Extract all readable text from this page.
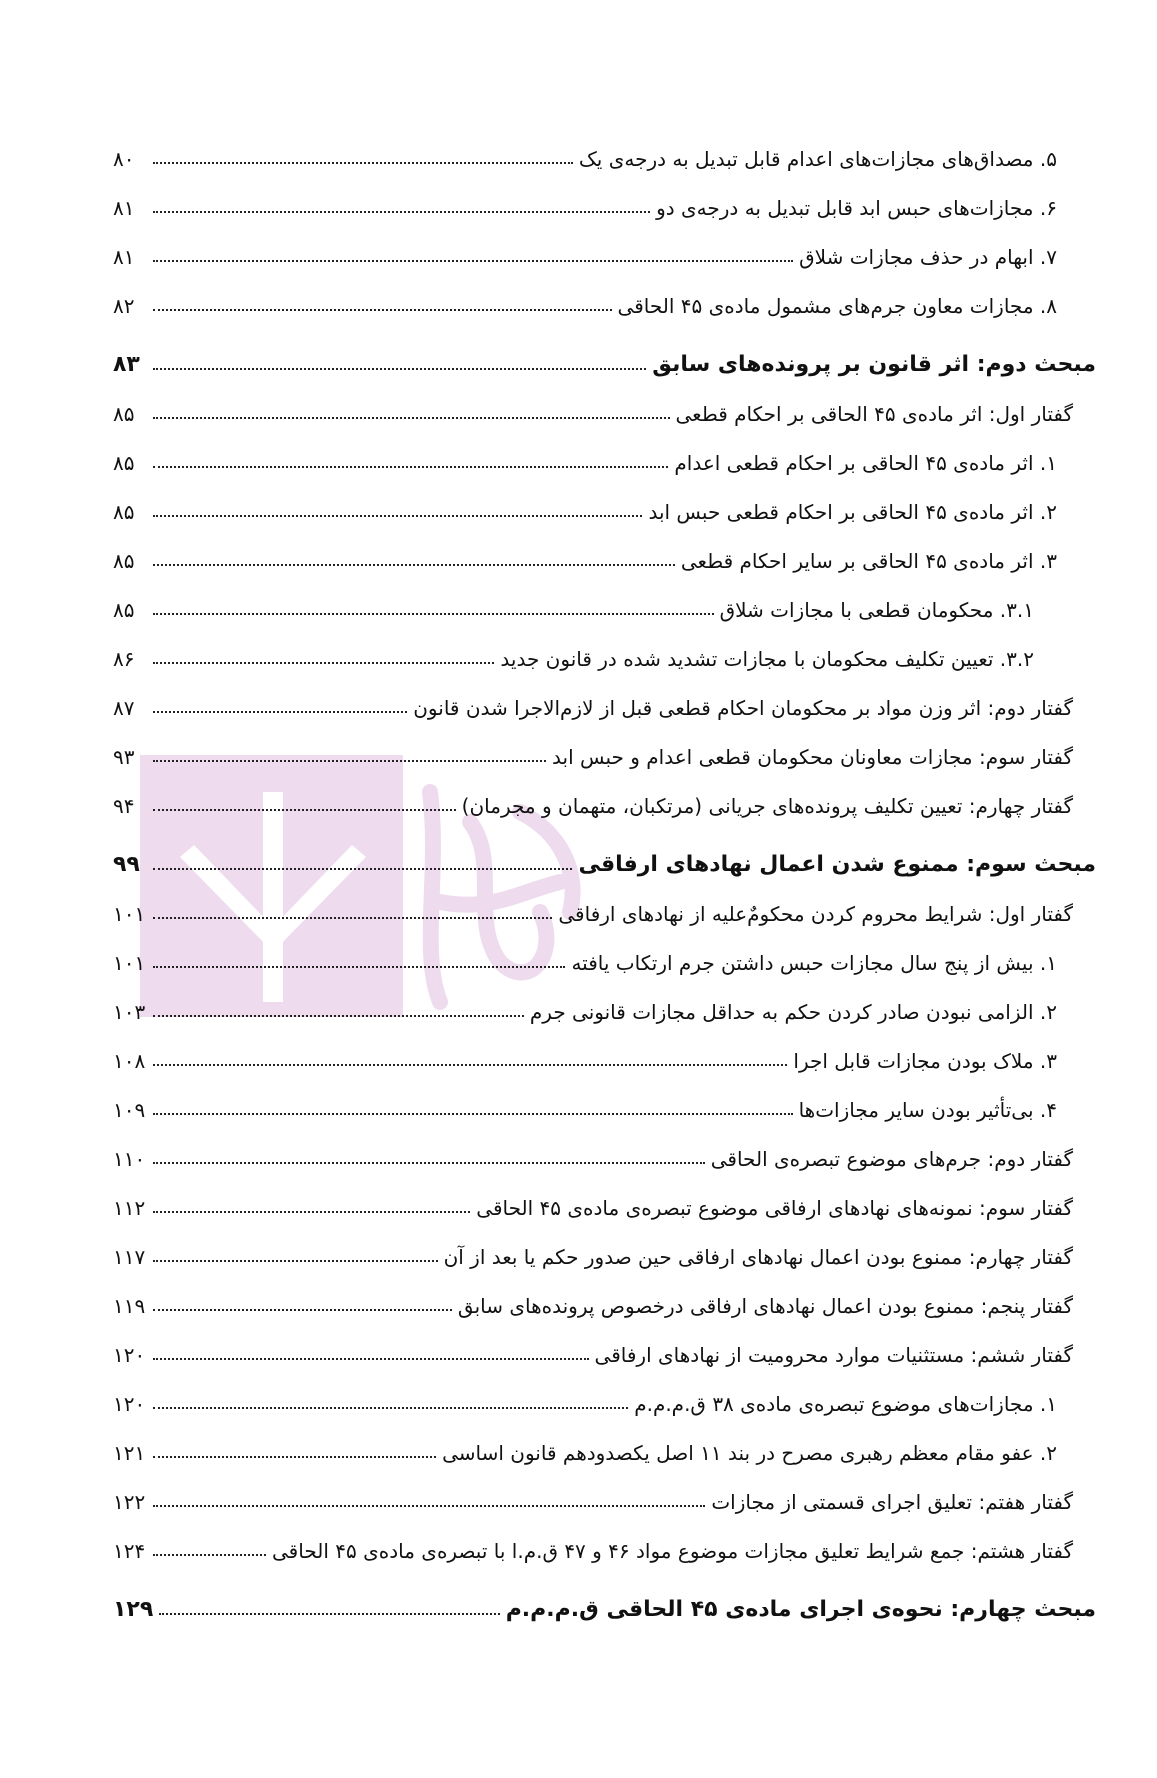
۵. مصداق‌های مجازات‌های اعدام قابل تبدیل به درجه‌ی یک
۸۰
۶. مجازات‌های حبس ابد قابل تبدیل به درجه‌ی دو
۸۱
۷. ابهام در حذف مجازات شلاق
۸۱
۸. مجازات معاون جرم‌های مشمول ماده‌ی ۴۵ الحاقی
۸۲
مبحث دوم: اثر قانون بر پرونده‌های سابق
۸۳
گفتار اول: اثر ماده‌ی ۴۵ الحاقی بر احکام قطعی
۸۵
۱. اثر ماده‌ی ۴۵ الحاقی بر احکام قطعی اعدام
۸۵
۲. اثر ماده‌ی ۴۵ الحاقی بر احکام قطعی حبس ابد
۸۵
۳. اثر ماده‌ی ۴۵ الحاقی بر سایر احکام قطعی
۸۵
۳.۱. محکومان قطعی با مجازات شلاق
۸۵
۳.۲. تعیین تکلیف محکومان با مجازات تشدید شده در قانون جدید
۸۶
گفتار دوم: اثر وزن مواد بر محکومان احکام قطعی قبل از لازم‌الاجرا شدن قانون
۸۷
گفتار سوم: مجازات معاونان محکومان قطعی اعدام و حبس ابد
۹۳
گفتار چهارم: تعیین تکلیف پرونده‌های جریانی (مرتکبان، متهمان و مجرمان)
۹۴
مبحث سوم: ممنوع شدن اعمال نهادهای ارفاقی
۹۹
گفتار اول: شرایط محروم کردن محکومٌ‌علیه از نهادهای ارفاقی
۱۰۱
۱. بیش از پنج سال مجازات حبس داشتن جرم ارتکاب یافته
۱۰۱
۲. الزامی نبودن صادر کردن حکم به حداقل مجازات قانونی جرم
۱۰۳
۳. ملاک بودن مجازات قابل اجرا
۱۰۸
۴. بی‌تأثیر بودن سایر مجازات‌ها
۱۰۹
گفتار دوم: جرم‌های موضوع تبصره‌ی الحاقی
۱۱۰
گفتار سوم: نمونه‌های نهادهای ارفاقی موضوع تبصره‌ی ماده‌ی ۴۵ الحاقی
۱۱۲
گفتار چهارم: ممنوع بودن اعمال نهادهای ارفاقی حین صدور حکم یا بعد از آن
۱۱۷
گفتار پنجم: ممنوع بودن اعمال نهادهای ارفاقی درخصوص پرونده‌های سابق
۱۱۹
گفتار ششم: مستثنیات موارد محرومیت از نهادهای ارفاقی
۱۲۰
۱. مجازات‌های موضوع تبصره‌ی ماده‌ی ۳۸ ق.م.م.م
۱۲۰
۲. عفو مقام معظم رهبری مصرح در بند ۱۱ اصل یکصدودهم قانون اساسی
۱۲۱
گفتار هفتم: تعلیق اجرای قسمتی از مجازات
۱۲۲
گفتار هشتم: جمع شرایط تعلیق مجازات موضوع مواد ۴۶ و ۴۷ ق.م.ا با تبصره‌ی ماده‌ی ۴۵ الحاقی
۱۲۴
مبحث چهارم: نحوه‌ی اجرای ماده‌ی ۴۵ الحاقی ق.م.م.م
۱۲۹
